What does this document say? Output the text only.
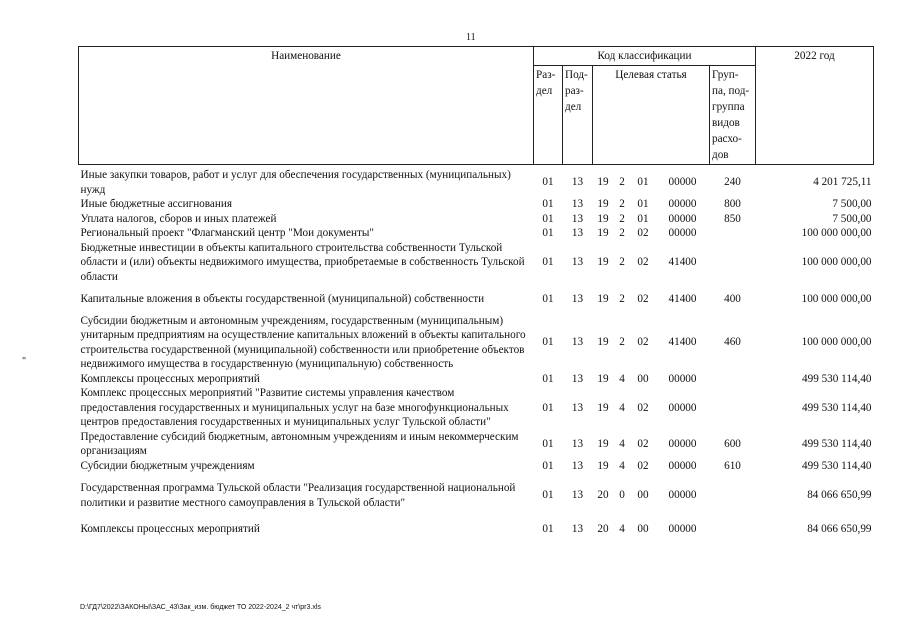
11
"
Наименование	Код классификации							2022 год
	Раз- дел	Под- раз- дел	Целевая статья				Груп- па, под- группа видов расхо- дов	
Иные закупки товаров, работ и услуг для обеспечения государственных (муниципальных) нужд	01	13	19	2	01	00000	240	4 201 725,11
Иные бюджетные ассигнования	01	13	19	2	01	00000	800	7 500,00
Уплата налогов, сборов и иных платежей	01	13	19	2	01	00000	850	7 500,00
Региональный проект "Флагманский центр "Мои документы"	01	13	19	2	02	00000		100 000 000,00
Бюджетные инвестиции в объекты капитального строительства собственности Тульской области и (или) объекты недвижимого имущества, приобретаемые в собственность Тульской области	01	13	19	2	02	41400		100 000 000,00
Капитальные вложения в объекты государственной (муниципальной) собственности	01	13	19	2	02	41400	400	100 000 000,00
Субсидии бюджетным и автономным учреждениям, государственным (муниципальным) унитарным предприятиям на осуществление капитальных вложений в объекты капитального строительства государственной (муниципальной) собственности или приобретение объектов недвижимого имущества в государственную (муниципальную) собственность	01	13	19	2	02	41400	460	100 000 000,00
Комплексы процессных мероприятий	01	13	19	4	00	00000		499 530 114,40
Комплекс процессных мероприятий "Развитие системы управления качеством предоставления государственных и муниципальных услуг на базе многофункциональных центров предоставления государственных и муниципальных услуг Тульской области"	01	13	19	4	02	00000		499 530 114,40
Предоставление субсидий бюджетным, автономным учреждениям и иным некоммерческим организациям	01	13	19	4	02	00000	600	499 530 114,40
Субсидии бюджетным учреждениям	01	13	19	4	02	00000	610	499 530 114,40
Государственная программа Тульской области "Реализация государственной национальной политики и развитие местного самоуправления в Тульской области"	01	13	20	0	00	00000		84 066 650,99
Комплексы процессных мероприятий	01	13	20	4	00	00000		84 066 650,99
D:\ГД7\2022\ЗАКОНЫ\ЗАС_43\Зак_изм. бюджет ТО 2022-2024_2 чт\pr3.xls
